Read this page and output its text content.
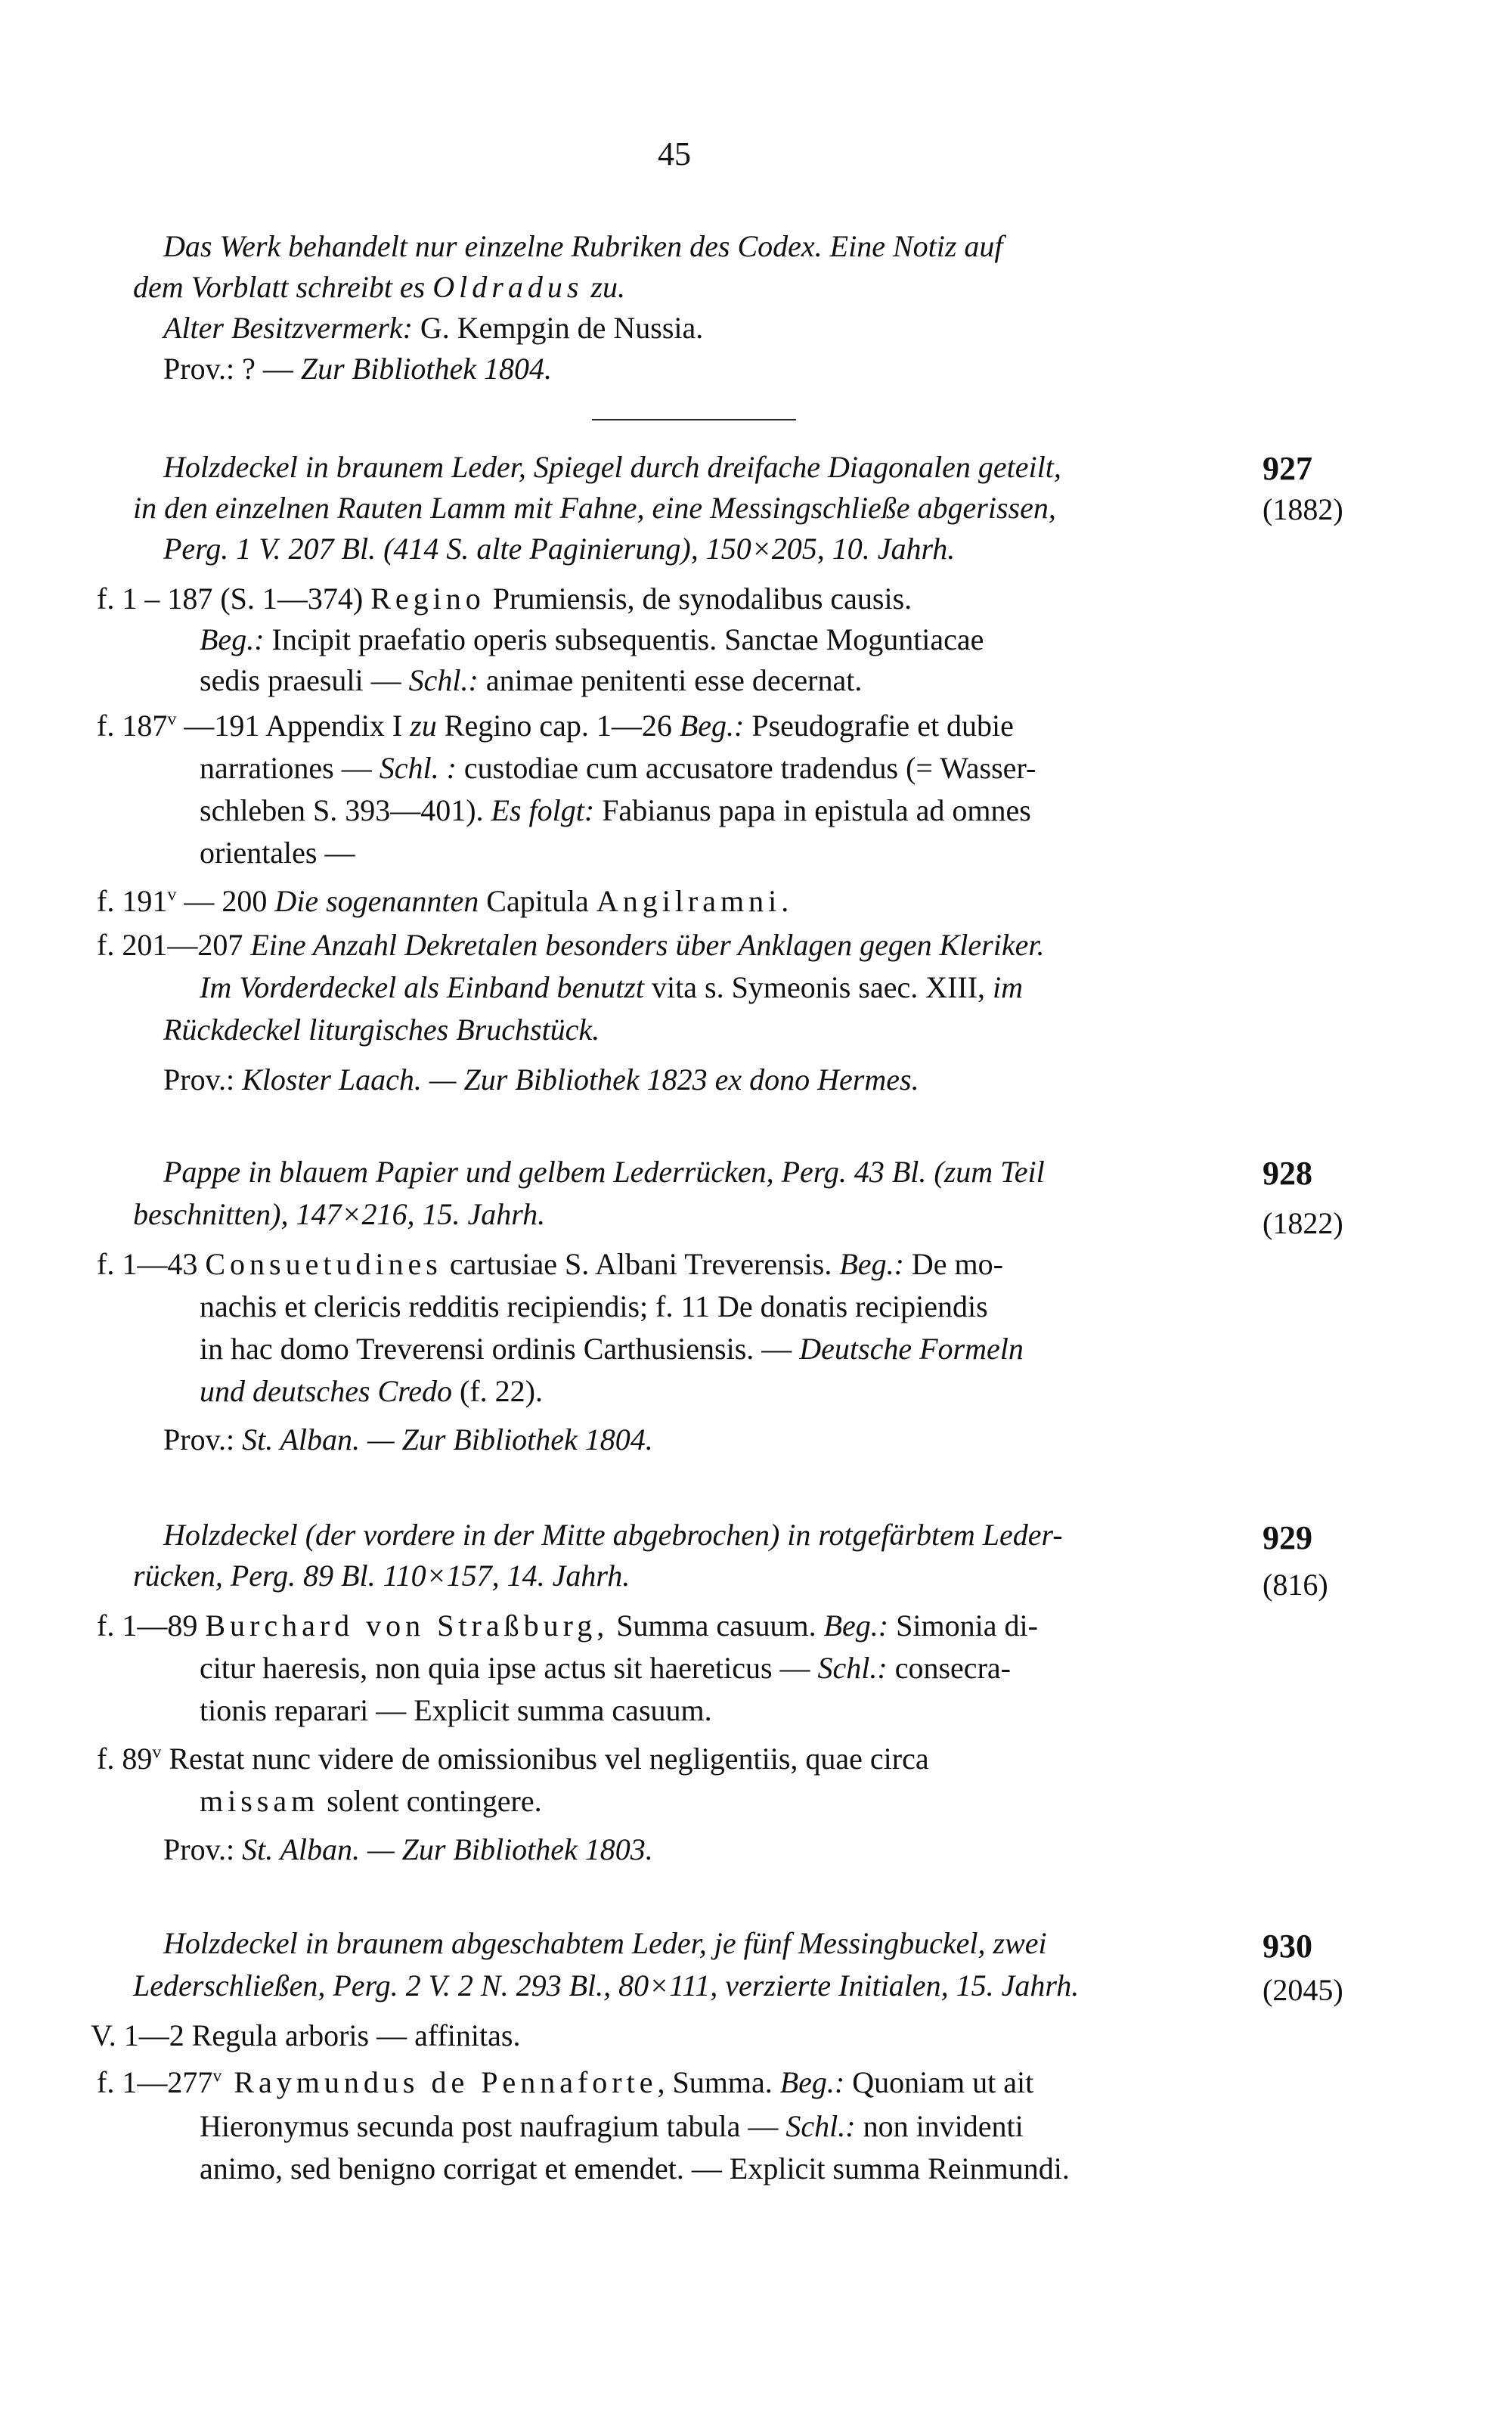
45
Das Werk behandelt nur einzelne Rubriken des Codex. Eine Notiz auf
dem Vorblatt schreibt es Oldradus zu.
Alter Besitzvermerk: G. Kempgin de Nussia.
Prov.: ? — Zur Bibliothek 1804.
927
(1882)
Holzdeckel in braunem Leder, Spiegel durch dreifache Diagonalen geteilt,
in den einzelnen Rauten Lamm mit Fahne, eine Messingschließe abgerissen,
Perg. 1 V. 207 Bl. (414 S. alte Paginierung), 150×205, 10. Jahrh.
f. 1 – 187 (S. 1—374) Regino Prumiensis, de synodalibus causis.
Beg.: Incipit praefatio operis subsequentis. Sanctae Moguntiacae
sedis praesuli — Schl.: animae penitenti esse decernat.
f. 187$^v$ —191 Appendix I zu Regino cap. 1—26 Beg.: Pseudografie et dubie
narrationes — Schl. : custodiae cum accusatore tradendus (= Wasser-
schleben S. 393—401). Es folgt: Fabianus papa in epistula ad omnes
orientales —
f. 191$^v$ — 200 Die sogenannten Capitula Angilramni.
f. 201—207 Eine Anzahl Dekretalen besonders über Anklagen gegen Kleriker.
Im Vorderdeckel als Einband benutzt vita s. Symeonis saec. XIII, im
Rückdeckel liturgisches Bruchstück.
Prov.: Kloster Laach. — Zur Bibliothek 1823 ex dono Hermes.
928
(1822)
Pappe in blauem Papier und gelbem Lederrücken, Perg. 43 Bl. (zum Teil
beschnitten), 147×216, 15. Jahrh.
f. 1—43 Consuetudines cartusiae S. Albani Treverensis. Beg.: De mo-
nachis et clericis redditis recipiendis; f. 11 De donatis recipiendis
in hac domo Treverensi ordinis Carthusiensis. — Deutsche Formeln
und deutsches Credo (f. 22).
Prov.: St. Alban. — Zur Bibliothek 1804.
929
(816)
Holzdeckel (der vordere in der Mitte abgebrochen) in rotgefärbtem Leder-
rücken, Perg. 89 Bl. 110×157, 14. Jahrh.
f. 1—89 Burchard von Straßburg, Summa casuum. Beg.: Simonia di-
citur haeresis, non quia ipse actus sit haereticus — Schl.: consecra-
tionis reparari — Explicit summa casuum.
f. 89$^v$ Restat nunc videre de omissionibus vel negligentiis, quae circa
missam solent contingere.
Prov.: St. Alban. — Zur Bibliothek 1803.
930
(2045)
Holzdeckel in braunem abgeschabtem Leder, je fünf Messingbuckel, zwei
Lederschließen, Perg. 2 V. 2 N. 293 Bl., 80×111, verzierte Initialen, 15. Jahrh.
V. 1—2 Regula arboris — affinitas.
f. 1—277$^v$ Raymundus de Pennaforte, Summa. Beg.: Quoniam ut ait
Hieronymus secunda post naufragium tabula — Schl.: non invidenti
animo, sed benigno corrigat et emendet. — Explicit summa Reinmundi.
